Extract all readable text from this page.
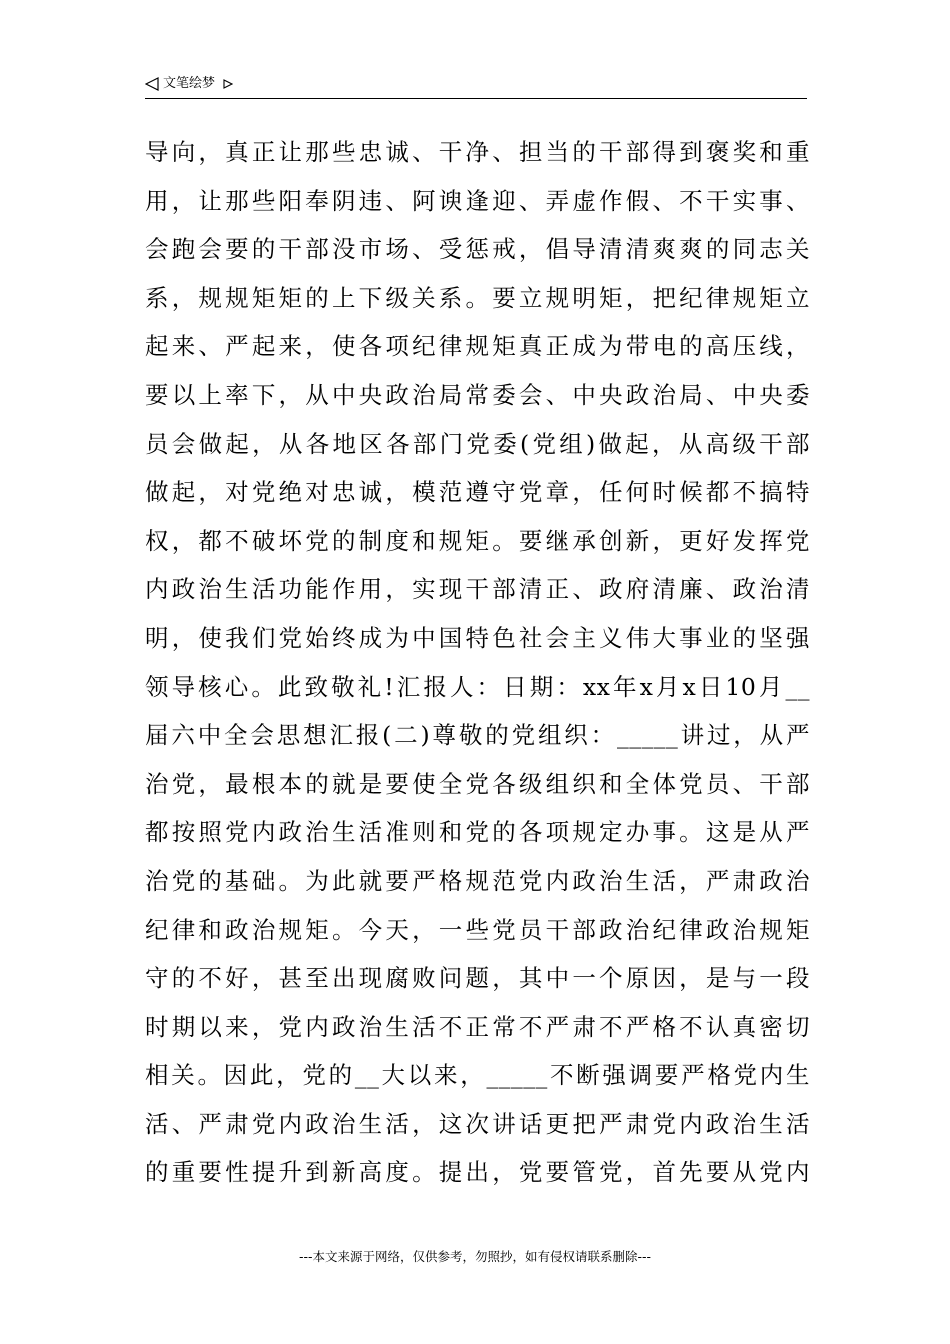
文笔绘梦
导向，真正让那些忠诚、干净、担当的干部得到褒奖和重
用，让那些阳奉阴违、阿谀逢迎、弄虚作假、不干实事、
会跑会要的干部没市场、受惩戒，倡导清清爽爽的同志关
系，规规矩矩的上下级关系。要立规明矩，把纪律规矩立
起来、严起来，使各项纪律规矩真正成为带电的高压线，
要以上率下，从中央政治局常委会、中央政治局、中央委
员会做起，从各地区各部门党委(党组)做起，从高级干部
做起，对党绝对忠诚，模范遵守党章，任何时候都不搞特
权，都不破坏党的制度和规矩。要继承创新，更好发挥党
内政治生活功能作用，实现干部清正、政府清廉、政治清
明，使我们党始终成为中国特色社会主义伟大事业的坚强
领导核心。此致敬礼!汇报人：日期：xx年x月x日10月__
届六中全会思想汇报(二)尊敬的党组织：_____讲过，从严
治党，最根本的就是要使全党各级组织和全体党员、干部
都按照党内政治生活准则和党的各项规定办事。这是从严
治党的基础。为此就要严格规范党内政治生活，严肃政治
纪律和政治规矩。今天，一些党员干部政治纪律政治规矩
守的不好，甚至出现腐败问题，其中一个原因，是与一段
时期以来，党内政治生活不正常不严肃不严格不认真密切
相关。因此，党的__大以来，_____不断强调要严格党内生
活、严肃党内政治生活，这次讲话更把严肃党内政治生活
的重要性提升到新高度。提出，党要管党，首先要从党内
---本文来源于网络，仅供参考，勿照抄，如有侵权请联系删除---
